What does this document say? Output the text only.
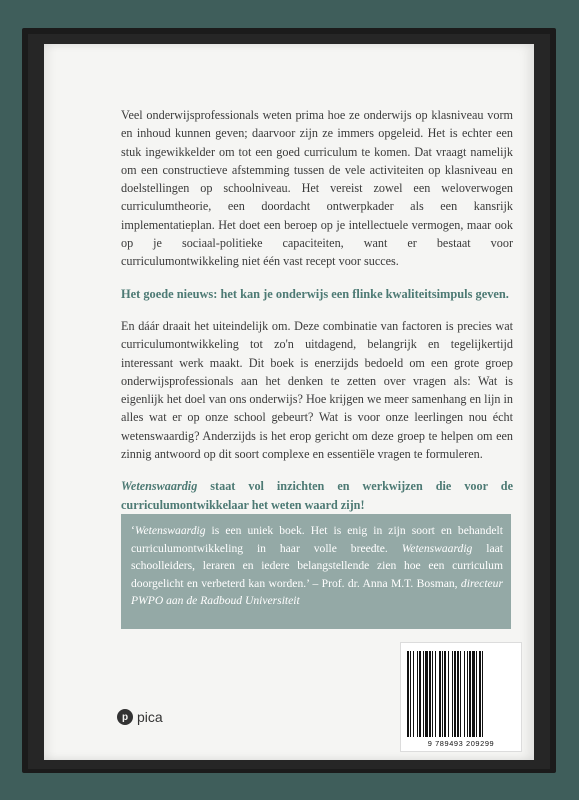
Veel onderwijsprofessionals weten prima hoe ze onderwijs op klasniveau vorm en inhoud kunnen geven; daarvoor zijn ze immers opgeleid. Het is echter een stuk ingewikkelder om tot een goed curriculum te komen. Dat vraagt namelijk om een constructieve afstemming tussen de vele activiteiten op klasniveau en doelstellingen op schoolniveau. Het vereist zowel een weloverwogen curriculumtheorie, een doordacht ontwerpkader als een kansrijk implementatieplan. Het doet een beroep op je intellectuele vermogen, maar ook op je sociaal-politieke capaciteiten, want er bestaat voor curriculumontwikkeling niet één vast recept voor succes.

Het goede nieuws: het kan je onderwijs een flinke kwaliteitsimpuls geven.

En dáár draait het uiteindelijk om. Deze combinatie van factoren is precies wat curriculumontwikkeling tot zo'n uitdagend, belangrijk en tegelijkertijd interessant werk maakt. Dit boek is enerzijds bedoeld om een grote groep onderwijsprofessionals aan het denken te zetten over vragen als: Wat is eigenlijk het doel van ons onderwijs? Hoe krijgen we meer samenhang en lijn in alles wat er op onze school gebeurt? Wat is voor onze leerlingen nou écht wetenswaardig? Anderzijds is het erop gericht om deze groep te helpen om een zinnig antwoord op dit soort complexe en essentiële vragen te formuleren.

Wetenswaardig staat vol inzichten en werkwijzen die voor de curriculumontwikkelaar het weten waard zijn!

‘Wetenswaardig is een uniek boek. Het is enig in zijn soort en behandelt curriculumontwikkeling in haar volle breedte. Wetenswaardig laat schoolleiders, leraren en iedere belangstellende zien hoe een curriculum doorgelicht en verbeterd kan worden.’ – Prof. dr. Anna M.T. Bosman, directeur PWPO aan de Radboud Universiteit
9 789493 209299
p pica
